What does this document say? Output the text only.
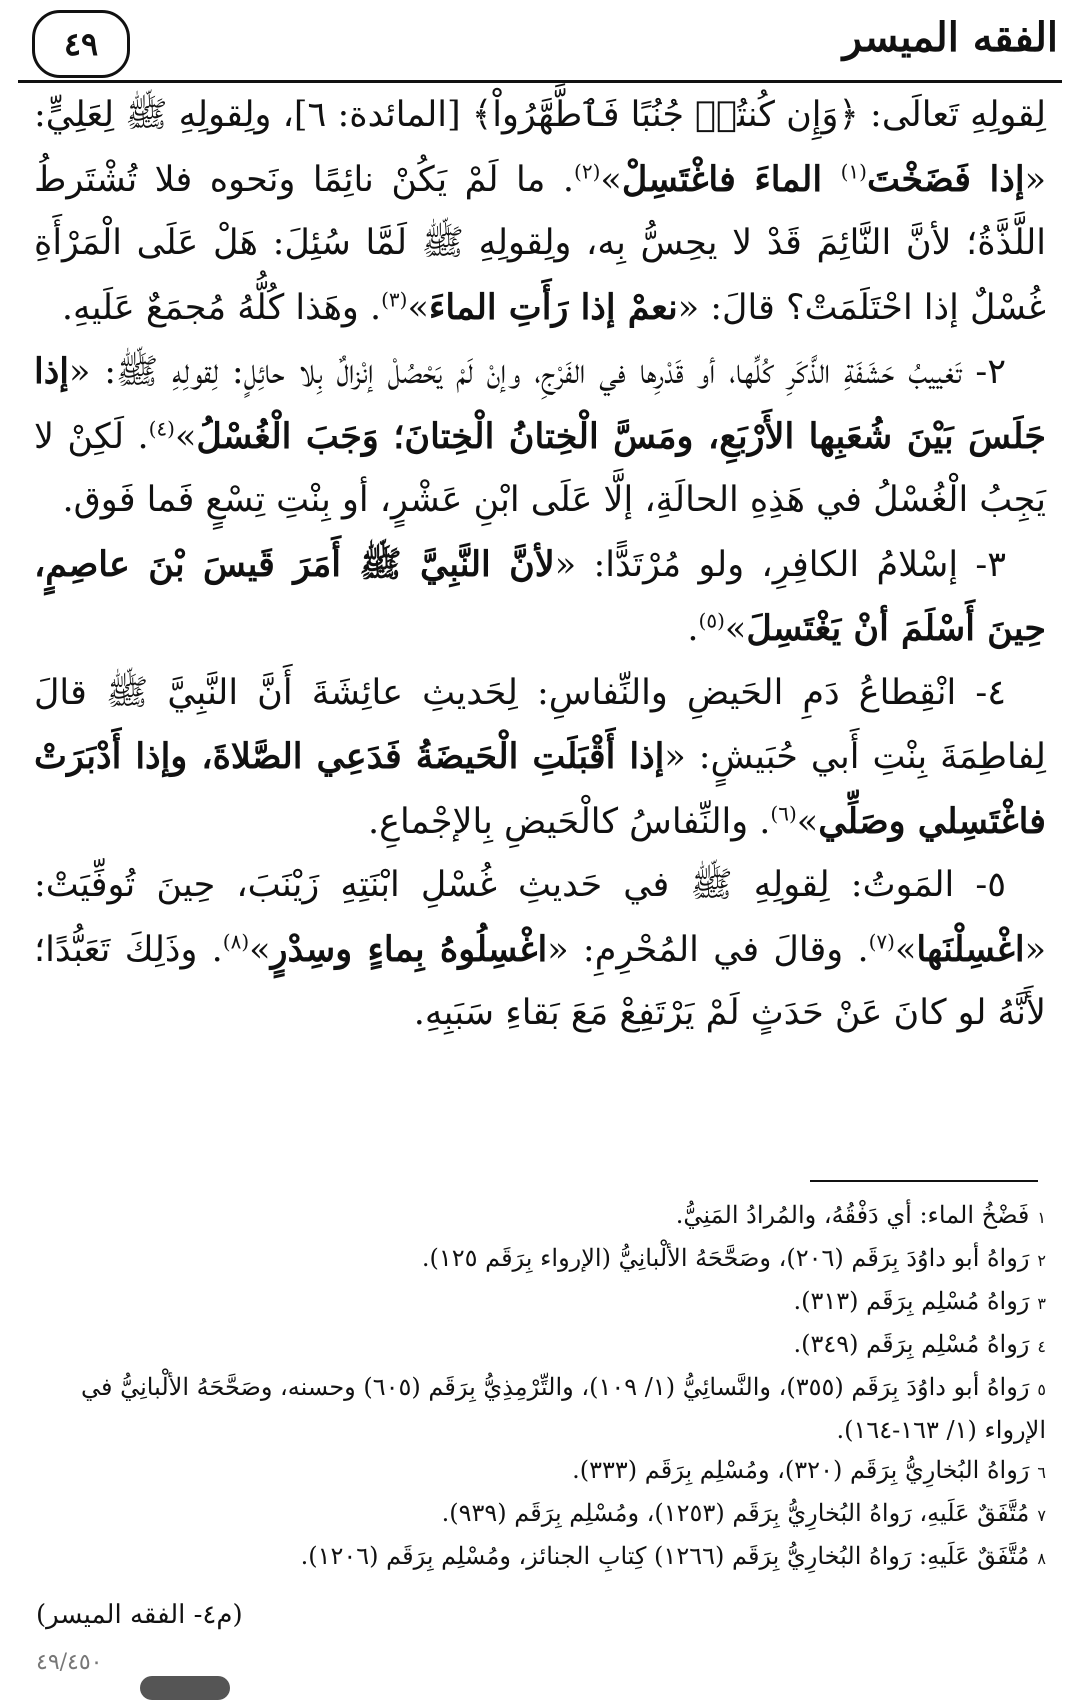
٤٩	الفقه الميسر

لِقولِهِ تَعالَى: ﴿وَإِن كُنتُمۡ جُنُبًا فَٱطَّهَّرُواْ﴾ [المائدة: ٦]، ولِقولِهِ ﷺ لِعَلِيٍّ: «إذا فَضَخْتَ$^{(١)}$ الماءَ فاغْتَسِلْ»$^{(٢)}$. ما لَمْ يَكُنْ نائِمًا ونَحوه فلا تُشْتَرطُ اللَّذَّةُ؛ لأنَّ النَّائِمَ قَدْ لا يحِسُّ بِه، ولِقولِهِ ﷺ لَمَّا سُئِلَ: هَلْ عَلَى الْمَرْأَةِ غُسْلٌ إذا احْتَلَمَتْ؟ قالَ: «نعمْ إذا رَأَتِ الماءَ»$^{(٣)}$. وهَذا كُلُّهُ مُجمَعٌ عَلَيهِ.

٢- تَغييبُ حَشَفَةِ الذَّكَرِ كُلِّها، أو قَدْرِها في الفَرْجِ، وإنْ لَمْ يَحْصُلْ إنْزالٌ بِلا حائِلٍ: لِقولِهِ ﷺ: «إذا جَلَسَ بَيْنَ شُعَبِها الأَرْبَعِ، ومَسَّ الْخِتانُ الْخِتانَ؛ وَجَبَ الْغُسْلُ»$^{(٤)}$. لَكِنْ لا يَجِبُ الْغُسْلُ في هَذِهِ الحالَةِ، إلَّا عَلَى ابْنِ عَشْرٍ، أو بِنْتِ تِسْعٍ فَما فَوق.

٣- إسْلامُ الكافِرِ، ولو مُرْتَدًّا: «لأنَّ النَّبِيَّ ﷺ أَمَرَ قَيسَ بْنَ عاصِمٍ، حِينَ أَسْلَمَ أنْ يَغْتَسِلَ»$^{(٥)}$.

٤- انْقِطاعُ دَمِ الحَيضِ والنِّفاسِ: لِحَديثِ عائِشَةَ أَنَّ النَّبِيَّ ﷺ قالَ لِفاطِمَةَ بِنْتِ أَبي حُبَيشٍ: «إذا أَقْبَلَتِ الْحَيضَةُ فَدَعِي الصَّلاةَ، وإذا أَدْبَرَتْ فاغْتَسِلي وصَلِّي»$^{(٦)}$. والنِّفاسُ كالْحَيضِ بِالإجْماعِ.

٥- المَوتُ: لِقولِهِ ﷺ في حَديثِ غُسْلِ ابْنَتِهِ زَيْنَبَ، حِينَ تُوفِّيَتْ: «اغْسِلْنَها»$^{(٧)}$. وقالَ في المُحْرِمِ: «اغْسِلُوهُ بِماءٍ وسِدْرٍ»$^{(٨)}$. وذَلِكَ تَعَبُّدًا؛ لأَنَّهُ لو كانَ عَنْ حَدَثٍ لَمْ يَرْتَفِعْ مَعَ بَقاءِ سَبَبِهِ.

١فَضْخُ الماء: أي دَفْقُهُ، والمُرادُ المَنِيُّ.

٢رَواهُ أبو داوُدَ بِرَقَم (٢٠٦)، وصَحَّحَهُ الألْبانِيُّ (الإرواء بِرَقَم ١٢٥).

٣رَواهُ مُسْلِم بِرَقَم (٣١٣).

٤رَواهُ مُسْلِم بِرَقَم (٣٤٩).

٥رَواهُ أبو داوُدَ بِرَقَم (٣٥٥)، والنَّسائِيُّ (١/ ١٠٩)، والتِّرْمِذِيُّ بِرَقَم (٦٠٥) وحسنه، وصَحَّحَهُ الألْبانِيُّ في الإرواء (١/ ١٦٣-١٦٤).

٦رَواهُ البُخارِيُّ بِرَقَم (٣٢٠)، ومُسْلِم بِرَقَم (٣٣٣).

٧مُتَّفَقٌ عَلَيهِ، رَواهُ البُخارِيُّ بِرَقَم (١٢٥٣)، ومُسْلِم بِرَقَم (٩٣٩).

٨مُتَّفَقٌ عَلَيهِ: رَواهُ البُخارِيُّ بِرَقَم (١٢٦٦) كِتابِ الجنائز، ومُسْلِم بِرَقَم (١٢٠٦).

(م٤- الفقه الميسر)
٤٩/٤٥٠
